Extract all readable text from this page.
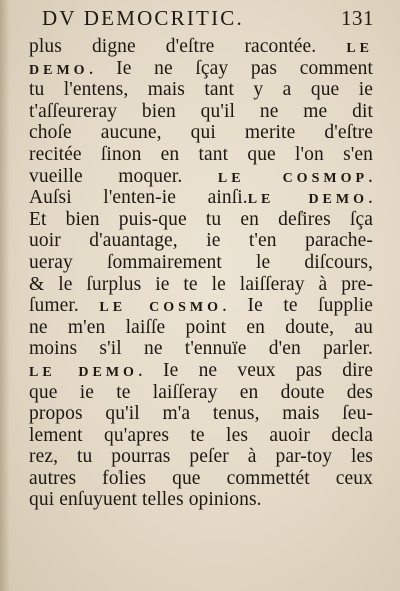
DV DEMOCRITIC.	131
plus digne d'eſtre racontée. LE
DEMO. Ie ne ſçay pas comment
tu l'entens, mais tant y a que ie
t'aſſeureray bien qu'il ne me dit
choſe aucune, qui merite d'eſtre
recitée ſinon en tant que l'on s'en
vueille moquer. LE COSMOP.
Auſsi l'enten-ie ainſi.LE DEMO.
Et bien puis-que tu en deſires ſça
uoir d'auantage, ie t'en parache-
ueray ſommairement le diſcours,
& le ſurplus ie te le laiſſeray à pre-
ſumer. LE COSMO. Ie te ſupplie
ne m'en laiſſe point en doute, au
moins s'il ne t'ennuïe d'en parler.
LE DEMO. Ie ne veux pas dire
que ie te laiſſeray en doute des
propos qu'il m'a tenus, mais ſeu-
lement qu'apres te les auoir decla
rez, tu pourras peſer à par-toy les
autres folies que commettét ceux
qui enſuyuent telles opinions.
